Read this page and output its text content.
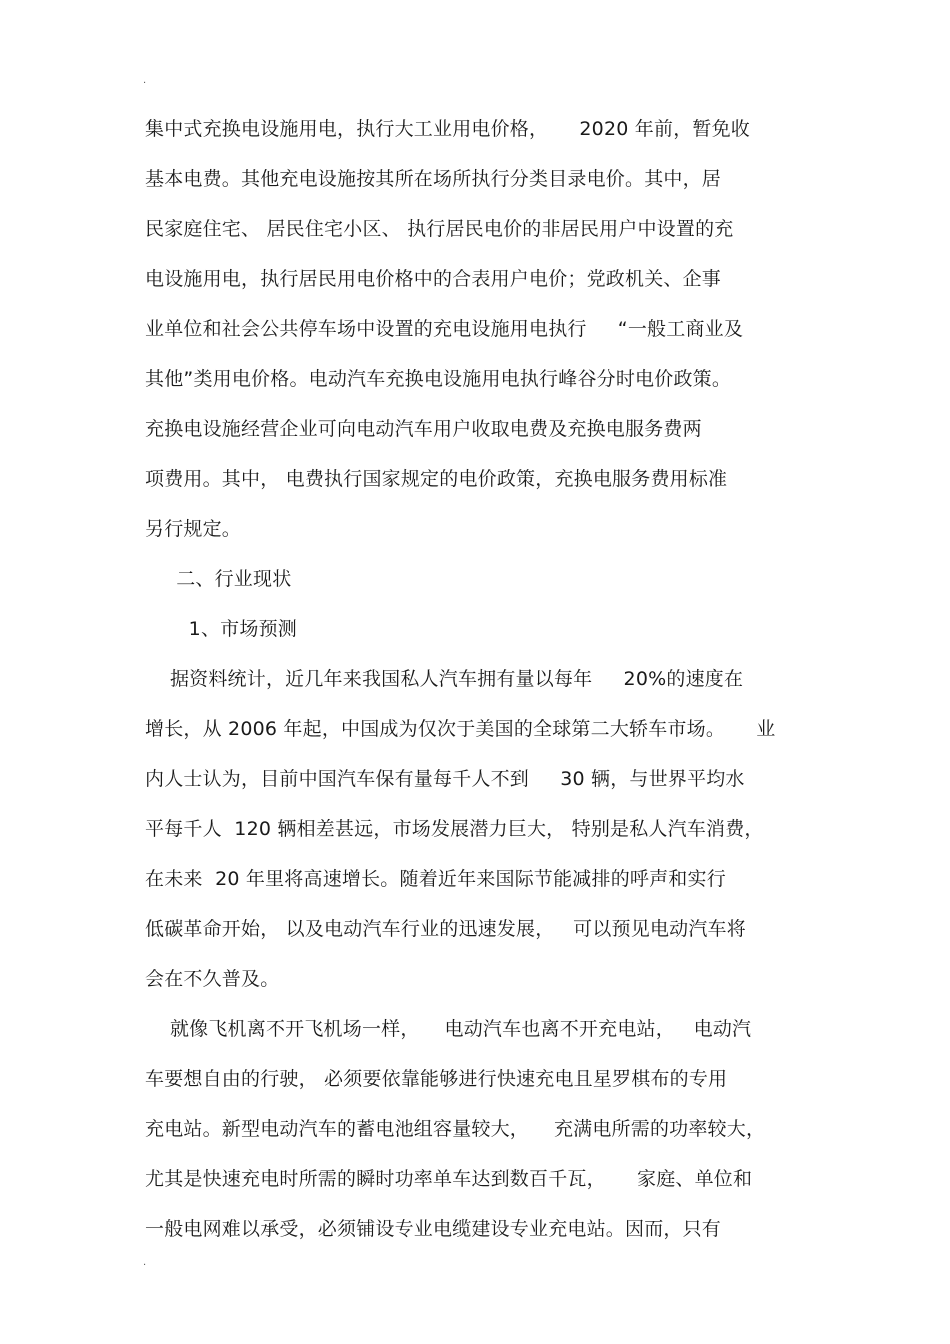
.
集中式充换电设施用电，执行大工业用电价格，     2020 年前，暂免收
基本电费。其他充电设施按其所在场所执行分类目录电价。其中，居
民家庭住宅、 居民住宅小区、 执行居民电价的非居民用户中设置的充
电设施用电，执行居民用电价格中的合表用户电价；党政机关、企事
业单位和社会公共停车场中设置的充电设施用电执行     “一般工商业及
其他”类用电价格。电动汽车充换电设施用电执行峰谷分时电价政策。
充换电设施经营企业可向电动汽车用户收取电费及充换电服务费两
项费用。其中， 电费执行国家规定的电价政策，充换电服务费用标准
另行规定。
二、行业现状
1、市场预测
据资料统计，近几年来我国私人汽车拥有量以每年     20%的速度在
增长，从 2006 年起，中国成为仅次于美国的全球第二大轿车市场。     业
内人士认为，目前中国汽车保有量每千人不到     30 辆，与世界平均水
平每千人  120 辆相差甚远，市场发展潜力巨大， 特别是私人汽车消费，
在未来  20 年里将高速增长。随着近年来国际节能减排的呼声和实行
低碳革命开始， 以及电动汽车行业的迅速发展，   可以预见电动汽车将
会在不久普及。
就像飞机离不开飞机场一样，    电动汽车也离不开充电站，   电动汽
车要想自由的行驶， 必须要依靠能够进行快速充电且星罗棋布的专用
充电站。新型电动汽车的蓄电池组容量较大，    充满电所需的功率较大，
尤其是快速充电时所需的瞬时功率单车达到数百千瓦，     家庭、单位和
一般电网难以承受，必须铺设专业电缆建设专业充电站。因而，只有
.
